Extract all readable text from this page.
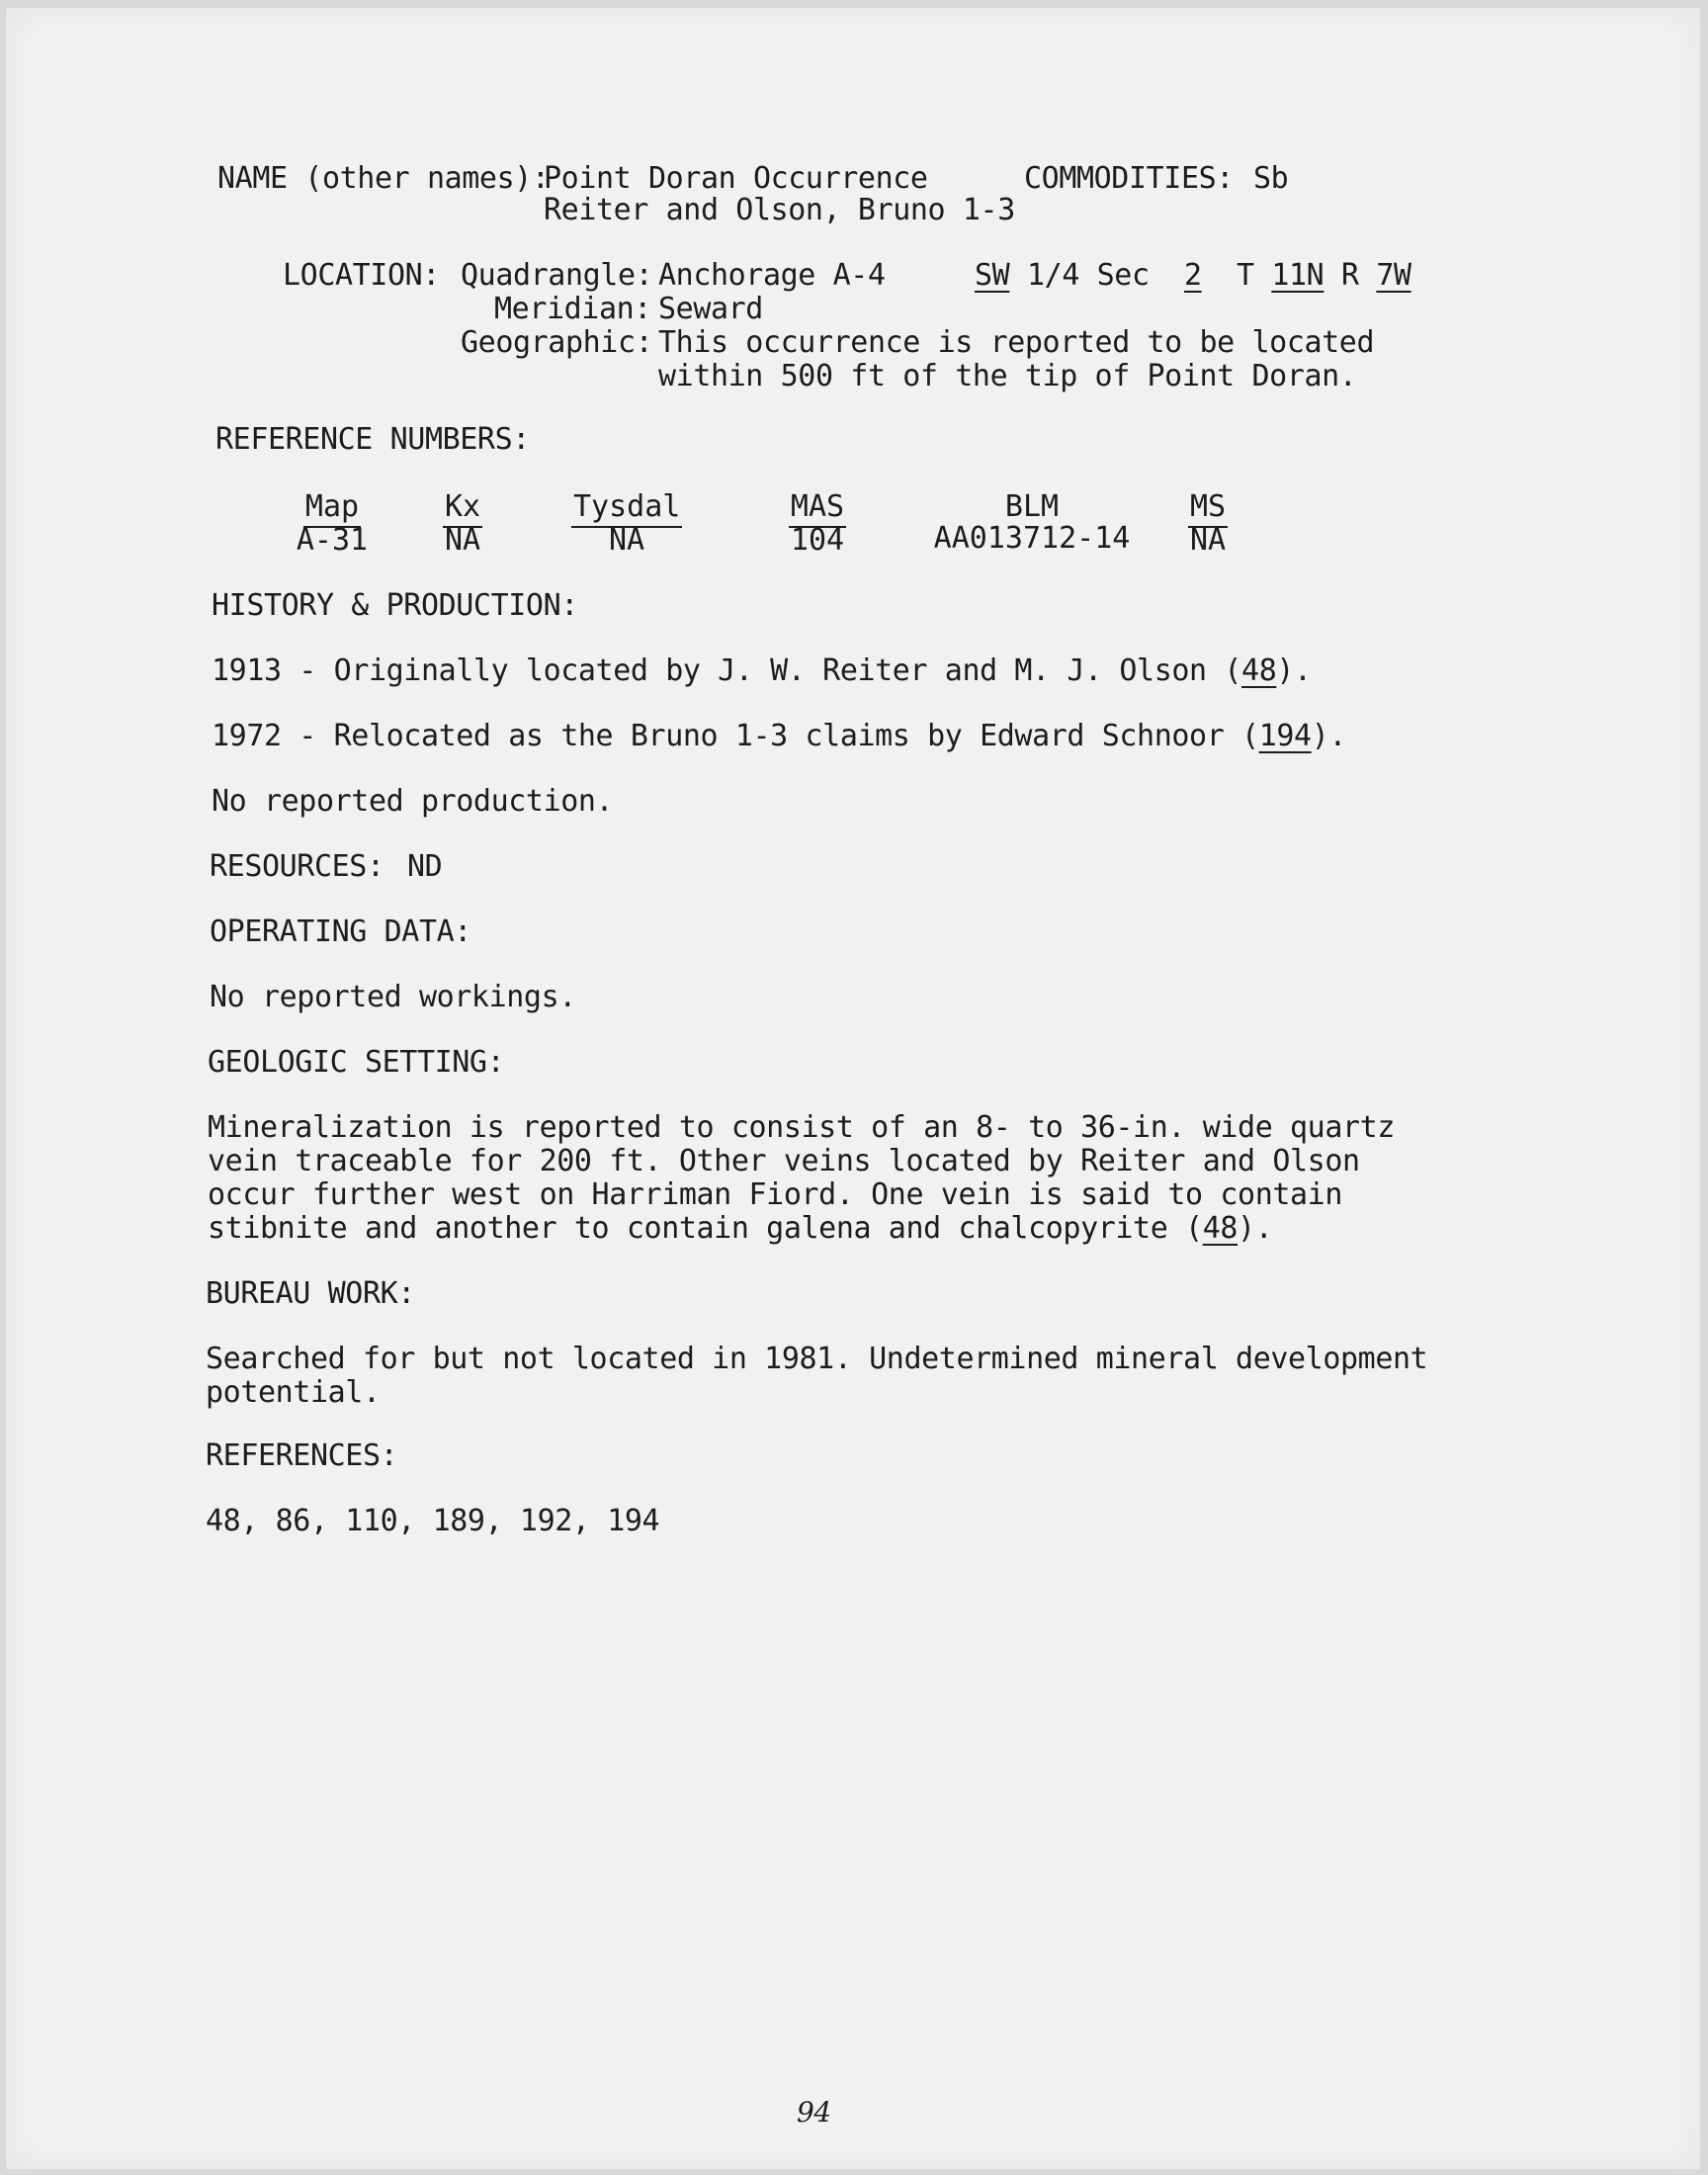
NAME (other names):
Point Doran Occurrence
Reiter and Olson, Bruno 1-3
COMMODITIES: Sb
LOCATION: Quadrangle: Anchorage A-4	SW 1/4 Sec 2 T 11N R 7W
Meridian: Seward
Geographic: This occurrence is reported to be located
within 500 ft of the tip of Point Doran.
REFERENCE NUMBERS:
Map
A-31
Kx
NA
Tysdal
NA
MAS
104
BLM
AA013712-14
MS
NA
HISTORY & PRODUCTION:
1913 - Originally located by J. W. Reiter and M. J. Olson (48).
1972 - Relocated as the Bruno 1-3 claims by Edward Schnoor (194).
No reported production.
RESOURCES: ND
OPERATING DATA:
No reported workings.
GEOLOGIC SETTING:
Mineralization is reported to consist of an 8- to 36-in. wide quartz
vein traceable for 200 ft. Other veins located by Reiter and Olson
occur further west on Harriman Fiord. One vein is said to contain
stibnite and another to contain galena and chalcopyrite (48).
BUREAU WORK:
Searched for but not located in 1981. Undetermined mineral development
potential.
REFERENCES:
48, 86, 110, 189, 192, 194
94
